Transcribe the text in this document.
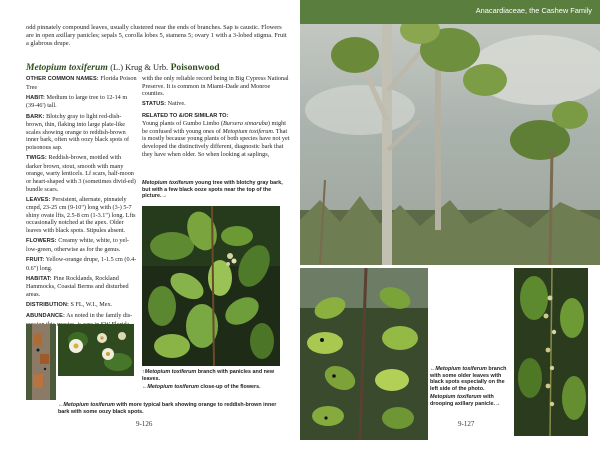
odd pinnately compound leaves, usually clustered near the ends of branches. Sap is caustic. Flowers are in open axillary panicles; sepals 5, corolla lobes 5, stamens 5; ovary 1 with a 3-lobed stigma. Fruit a glabrous drupe.
Metopium toxiferum (L.) Krug & Urb. Poisonwood

OTHER COMMON NAMES: Florida Poison Tree

HABIT: Medium to large tree to 12-14 m (39-46') tall.

BARK: Blotchy gray to light red-dish-brown, thin, flaking into large plate-like scales showing orange to reddish-brown inner bark, often with oozy black spots of poisonous sap.

TWIGS: Reddish-brown, mottled with darker brown, stout, smooth with many orange, warty lenticels. Lf scars, half-moon or heart-shaped with 3 (sometimes divid-ed) bundle scars.

LEAVES: Persistent, alternate, pinnately cmpd, 23-25 cm (9-10") long with (3-) 5-7 shiny ovate lfts, 2.5-8 cm (1-3.1") long. Lfts occasionally notched at the apex. Older leaves with black spots. Stipules absent.

FLOWERS: Creamy white, white, to yel-low-green, otherwise as for the genus.

FRUIT: Yellow-orange drupe, 1-1.5 cm (0.4-0.6") long.

HABITAT: Pine Rocklands, Rockland Hammocks, Coastal Berms and disturbed areas.

DISTRIBUTION: S FL, W.I., Mex.

ABUNDANCE: As noted in the family dis-

with the only reliable record being in Big Cypress National Preserve. It is common in Miami-Dade and Monroe counties.

STATUS: Native.

RELATED TO &/OR SIMILAR TO:
Young plants of Gumbo Limbo (Bursera simaruba) might be confused with young ones of Metopium toxiferum. That is mostly because young plants of both species have not yet developed the distinctively different, diagnostic bark that they have when older. So when looking at saplings,

Metopium toxiferum young tree with blotchy gray bark, but with a few black ooze spots near the top of the picture.→
↑Metopium toxiferum branch with panicles and new leaves.
←Metopium toxiferum close-up of the flowers.
←Metopium toxiferum with more typical bark showing orange to reddish-brown inner bark with some oozy black spots.
9-126
Anacardiaceae, the Cashew Family
←Metopium toxiferum branch with some older leaves with black spots especially on the left side of the photo.
Metopium toxiferum with drooping axillary panicle.→
9-127
